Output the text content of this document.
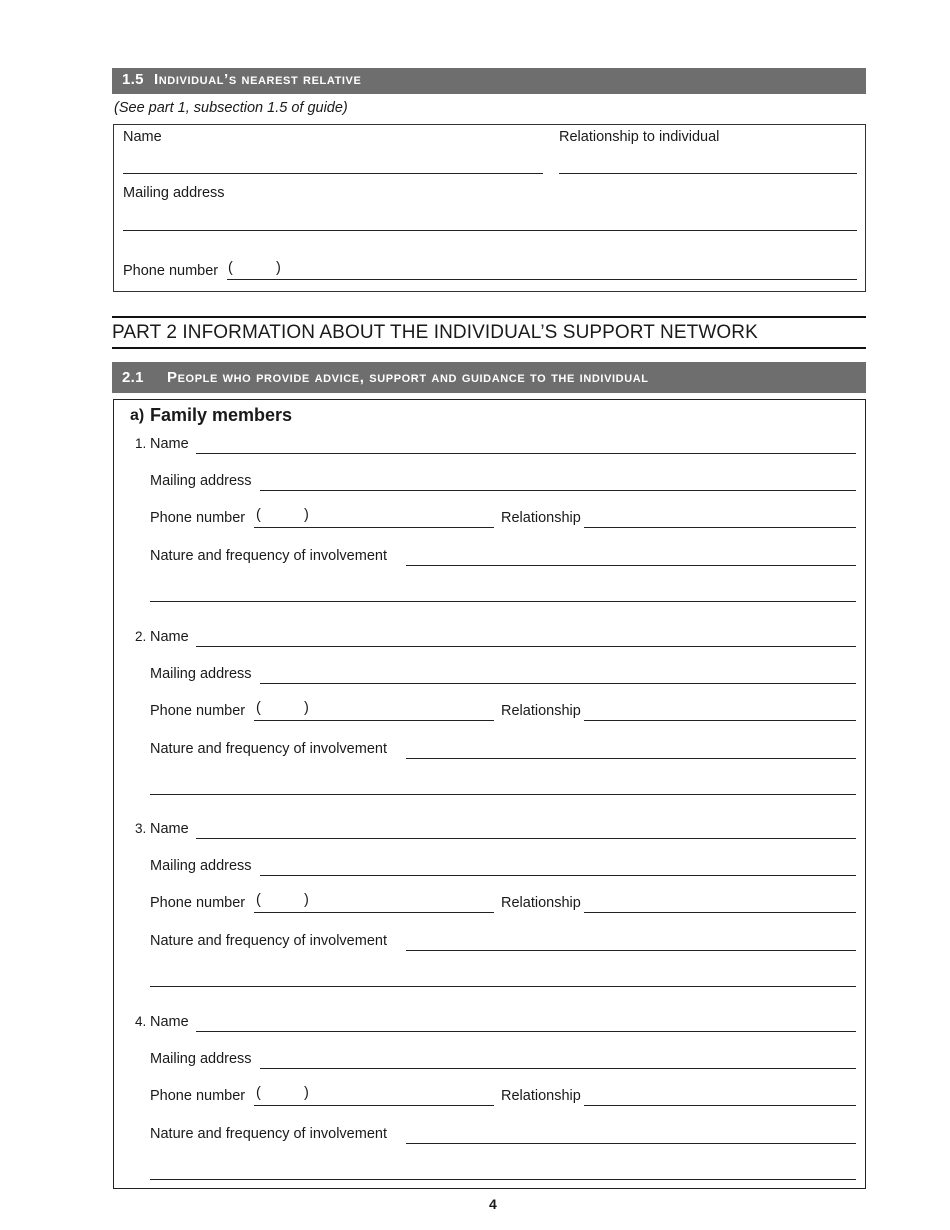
1.5 Individual’s nearest relative
(See part 1, subsection 1.5 of guide)
Name	Relationship to individual
Mailing address
Phone number (	)
PART 2 INFORMATION ABOUT THE INDIVIDUAL’S SUPPORT NETWORK
2.1 People who provide advice, support and guidance to the individual
a) Family members
1. Name
Mailing address
Phone number (	)	Relationship
Nature and frequency of involvement
2. Name
Mailing address
Phone number (	)	Relationship
Nature and frequency of involvement
3. Name
Mailing address
Phone number (	)	Relationship
Nature and frequency of involvement
4. Name
Mailing address
Phone number (	)	Relationship
Nature and frequency of involvement
4
